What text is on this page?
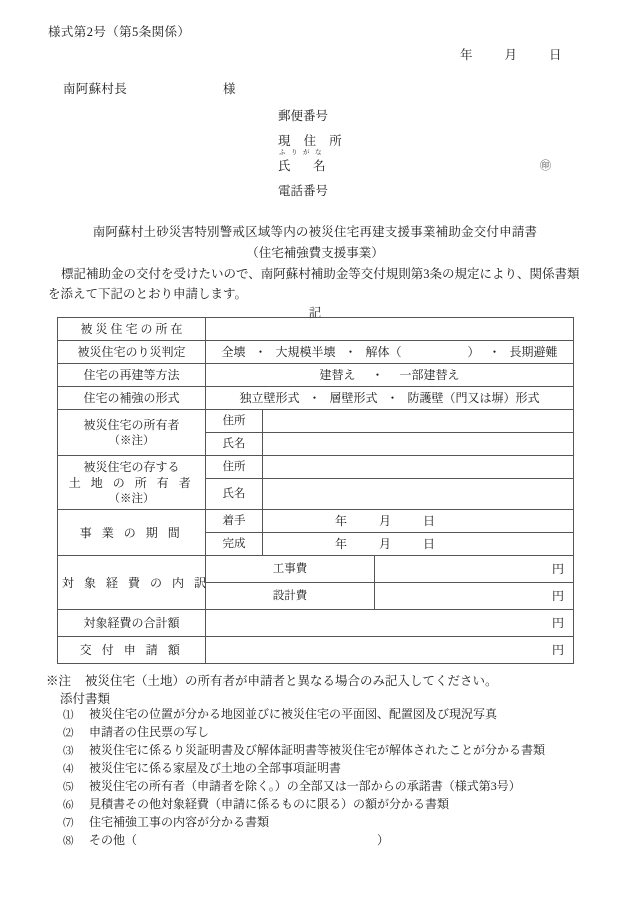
様式第2号（第5条関係）
年	月	日
南阿蘇村長	様
郵便番号
現 住 所
ふりがな
氏　名	㊞
電話番号
南阿蘇村土砂災害特別警戒区域等内の被災住宅再建支援事業補助金交付申請書
（住宅補強費支援事業）
標記補助金の交付を受けたいので、南阿蘇村補助金等交付規則第3条の規定により、関係書類を添えて下記のとおり申請します。
記
被 災 住 宅 の 所 在			
被災住宅のり災判定	全壊 ・ 大規模半壊 ・ 解体（ ） ・ 長期避難		
住宅の再建等方法	建替え ・ 一部建替え		
住宅の補強の形式	独立壁形式 ・ 層壁形式 ・ 防護壁（門又は塀）形式		

被災住宅の所有者
（※注）	住所		
	氏名		

被災住宅の存する
土 地 の 所 有 者
（※注）	住所		
	氏名		
事 業 の 期 間	着手	年 月 日	
	完成	年 月 日	
対 象 経 費 の 内 訳	工事費		円
	設計費		円
対象経費の合計額	円		
交 付 申 請 額	円		
※注 被災住宅（土地）の所有者が申請者と異なる場合のみ記入してください。
添付書類
⑴ 被災住宅の位置が分かる地図並びに被災住宅の平面図、配置図及び現況写真
⑵ 申請者の住民票の写し
⑶ 被災住宅に係るり災証明書及び解体証明書等被災住宅が解体されたことが分かる書類
⑷ 被災住宅に係る家屋及び土地の全部事項証明書
⑸ 被災住宅の所有者（申請者を除く。）の全部又は一部からの承諾書（様式第3号）
⑹ 見積書その他対象経費（申請に係るものに限る）の額が分かる書類
⑺ 住宅補強工事の内容が分かる書類
⑻ その他（　　　　　　　　　　　　　　　　　　　　）
